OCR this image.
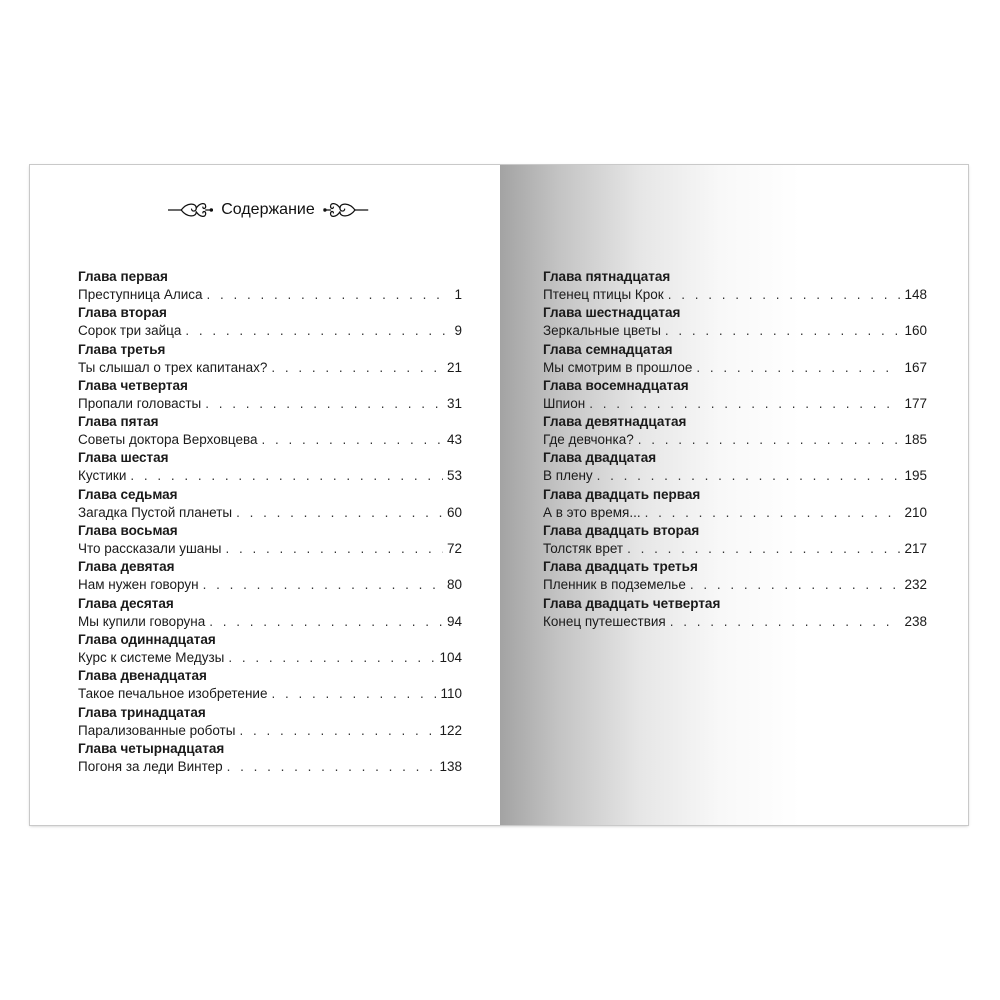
Содержание
Глава первая
Преступница Алиса . . .	1
Глава вторая
Сорок три зайца . . .	9
Глава третья
Ты слышал о трех капитанах? . . .	21
Глава четвертая
Пропали головасты . . .	31
Глава пятая
Советы доктора Верховцева . . .	43
Глава шестая
Кустики . . .	53
Глава седьмая
Загадка Пустой планеты . . .	60
Глава восьмая
Что рассказали ушаны . . .	72
Глава девятая
Нам нужен говорун . . .	80
Глава десятая
Мы купили говоруна . . .	94
Глава одиннадцатая
Курс к системе Медузы . . .	104
Глава двенадцатая
Такое печальное изобретение . . .	110
Глава тринадцатая
Парализованные роботы . . .	122
Глава четырнадцатая
Погоня за леди Винтер . . .	138
Глава пятнадцатая
Птенец птицы Крок . . .	148
Глава шестнадцатая
Зеркальные цветы . . .	160
Глава семнадцатая
Мы смотрим в прошлое . . .	167
Глава восемнадцатая
Шпион . . .	177
Глава девятнадцатая
Где девчонка? . . .	185
Глава двадцатая
В плену . . .	195
Глава двадцать первая
А в это время... . . .	210
Глава двадцать вторая
Толстяк врет . . .	217
Глава двадцать третья
Пленник в подземелье . . .	232
Глава двадцать четвертая
Конец путешествия . . .	238
